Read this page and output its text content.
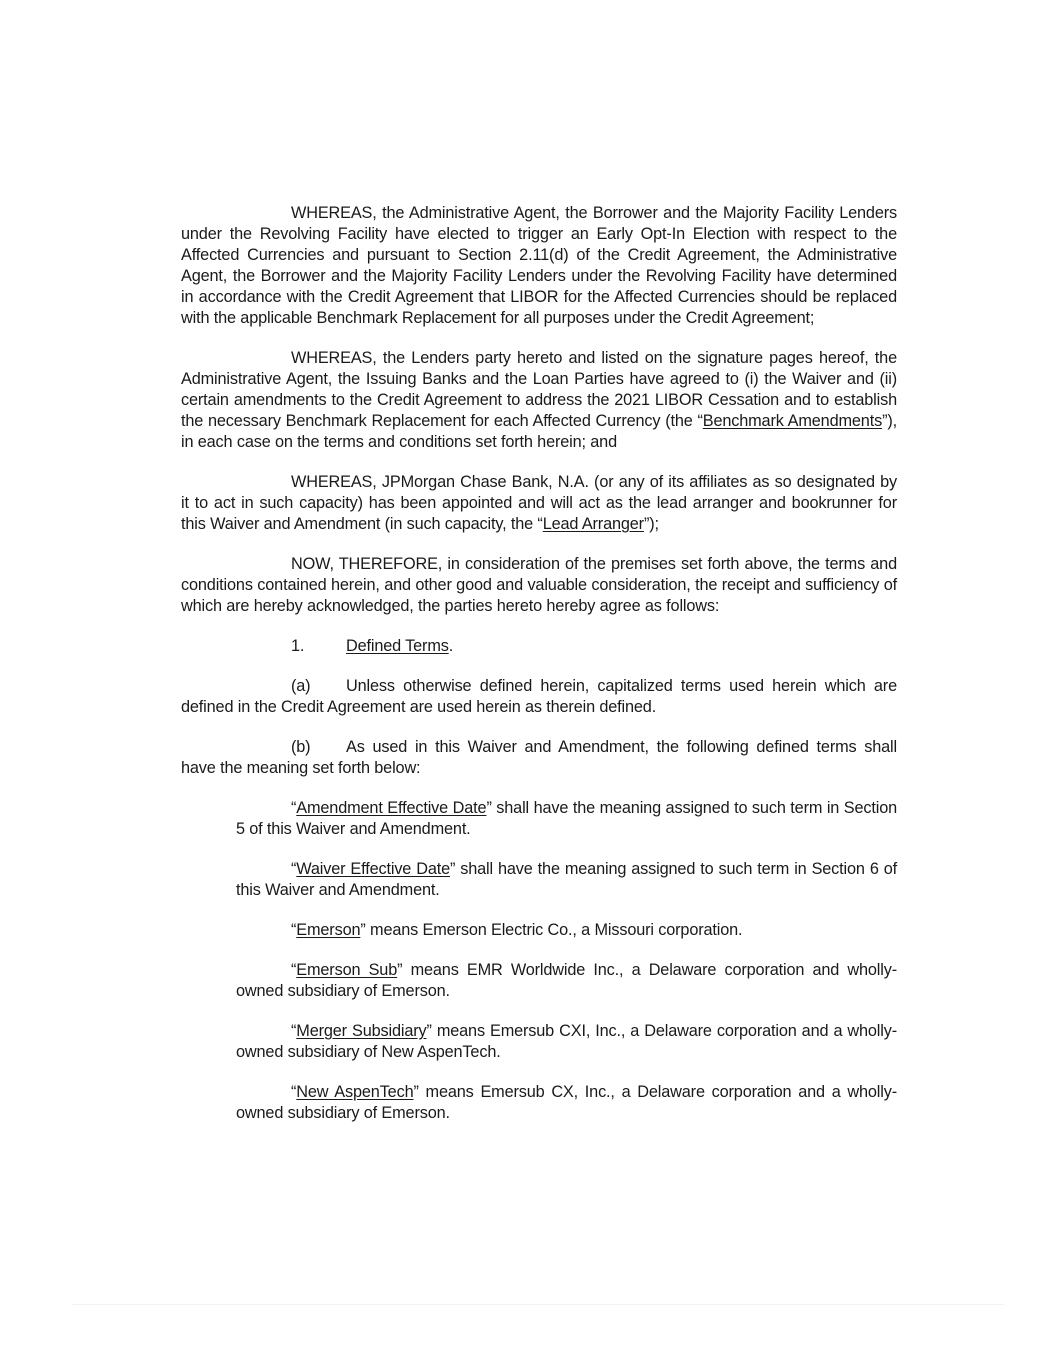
WHEREAS, the Administrative Agent, the Borrower and the Majority Facility Lenders under the Revolving Facility have elected to trigger an Early Opt-In Election with respect to the Affected Currencies and pursuant to Section 2.11(d) of the Credit Agreement, the Administrative Agent, the Borrower and the Majority Facility Lenders under the Revolving Facility have determined in accordance with the Credit Agreement that LIBOR for the Affected Currencies should be replaced with the applicable Benchmark Replacement for all purposes under the Credit Agreement;

WHEREAS, the Lenders party hereto and listed on the signature pages hereof, the Administrative Agent, the Issuing Banks and the Loan Parties have agreed to (i) the Waiver and (ii) certain amendments to the Credit Agreement to address the 2021 LIBOR Cessation and to establish the necessary Benchmark Replacement for each Affected Currency (the “Benchmark Amendments”), in each case on the terms and conditions set forth herein; and

WHEREAS, JPMorgan Chase Bank, N.A. (or any of its affiliates as so designated by it to act in such capacity) has been appointed and will act as the lead arranger and bookrunner for this Waiver and Amendment (in such capacity, the “Lead Arranger”);

NOW, THEREFORE, in consideration of the premises set forth above, the terms and conditions contained herein, and other good and valuable consideration, the receipt and sufficiency of which are hereby acknowledged, the parties hereto hereby agree as follows:

1.	Defined Terms.

(a) Unless otherwise defined herein, capitalized terms used herein which are defined in the Credit Agreement are used herein as therein defined.

(b) As used in this Waiver and Amendment, the following defined terms shall have the meaning set forth below:

“Amendment Effective Date” shall have the meaning assigned to such term in Section 5 of this Waiver and Amendment.

“Waiver Effective Date” shall have the meaning assigned to such term in Section 6 of this Waiver and Amendment.

“Emerson” means Emerson Electric Co., a Missouri corporation.

“Emerson Sub” means EMR Worldwide Inc., a Delaware corporation and wholly-owned subsidiary of Emerson.

“Merger Subsidiary” means Emersub CXI, Inc., a Delaware corporation and a wholly-owned subsidiary of New AspenTech.

“New AspenTech” means Emersub CX, Inc., a Delaware corporation and a wholly-owned subsidiary of Emerson.
